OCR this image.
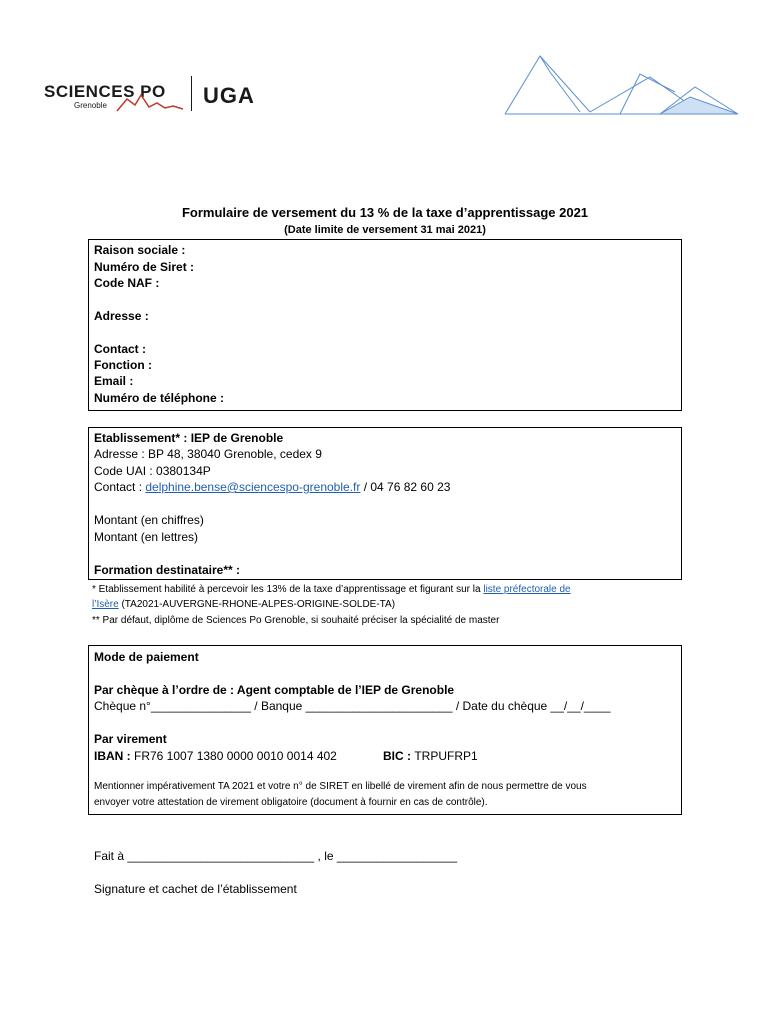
SCIENCES PO
Grenoble	UGA
Formulaire de versement du 13 % de la taxe d’apprentissage 2021
(Date limite de versement 31 mai 2021)
Raison sociale :
Numéro de Siret :
Code NAF :
Adresse :
Contact :
Fonction :
Email :
Numéro de téléphone :
Etablissement* : IEP de Grenoble
Adresse : BP 48, 38040 Grenoble, cedex 9
Code UAI : 0380134P
Contact : delphine.bense@sciencespo-grenoble.fr / 04 76 82 60 23
Montant (en chiffres)
Montant (en lettres)
Formation destinataire** :
* Etablissement habilité à percevoir les 13% de la taxe d’apprentissage et figurant sur la liste préfectorale de
l’Isère (TA2021-AUVERGNE-RHONE-ALPES-ORIGINE-SOLDE-TA)
** Par défaut, diplôme de Sciences Po Grenoble, si souhaité préciser la spécialité de master
Mode de paiement
Par chèque à l’ordre de : Agent comptable de l’IEP de Grenoble
Chèque n°_______________ / Banque ______________________ / Date du chèque __/__/____
Par virement
IBAN : FR76 1007 1380 0000 0010 0014 402	BIC : TRPUFRP1
Mentionner impérativement TA 2021 et votre n° de SIRET en libellé de virement afin de nous permettre de vous
envoyer votre attestation de virement obligatoire (document à fournir en cas de contrôle).
Fait à ____________________________ , le __________________
Signature et cachet de l’établissement
